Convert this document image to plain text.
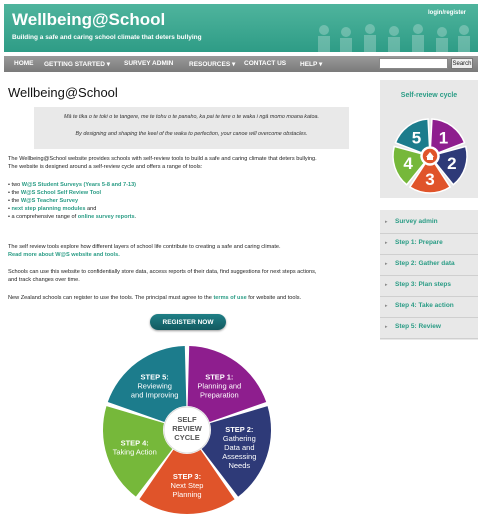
Wellbeing@School
Building a safe and caring school climate that deters bullying
login/register
HOME GETTING STARTED ▾ SURVEY ADMIN RESOURCES ▾ CONTACT US HELP ▾	Search
Wellbeing@School
Mā te tika o te toki o te tangere, me te tohu o te panaho, ka pai te tere o te waka i ngā momo moana katoa.
By designing and shaping the keel of the waka to perfection, your canoe will overcome obstacles.
The Wellbeing@School website provides schools with self-review tools to build a safe and caring climate that deters bullying.
The website is designed around a self-review cycle and offers a range of tools:
• two W@S Student Surveys (Years 5-8 and 7-13)
• the W@S School Self Review Tool
• the W@S Teacher Survey
• next step planning modules and
• a comprehensive range of online survey reports.
The self review tools explore how different layers of school life contribute to creating a safe and caring climate.
Read more about W@S website and tools.
Schools can use this website to confidentially store data, access reports of their data, find suggestions for next steps actions,
and track changes over time.
New Zealand schools can register to use the tools. The principal must agree to the terms of use for website and tools.
REGISTER NOW
STEP 1:
Planning and
Preparation
STEP 2:
Gathering
Data and
Assessing
Needs
STEP 3:
Next Step
Planning
STEP 4:
Taking Action
STEP 5:
Reviewing
and Improving
SELF
REVIEW
CYCLE
Self-review cycle
1
2
3
4
5
▸ Survey admin
▸ Step 1: Prepare
▸ Step 2: Gather data
▸ Step 3: Plan steps
▸ Step 4: Take action
▸ Step 5: Review
